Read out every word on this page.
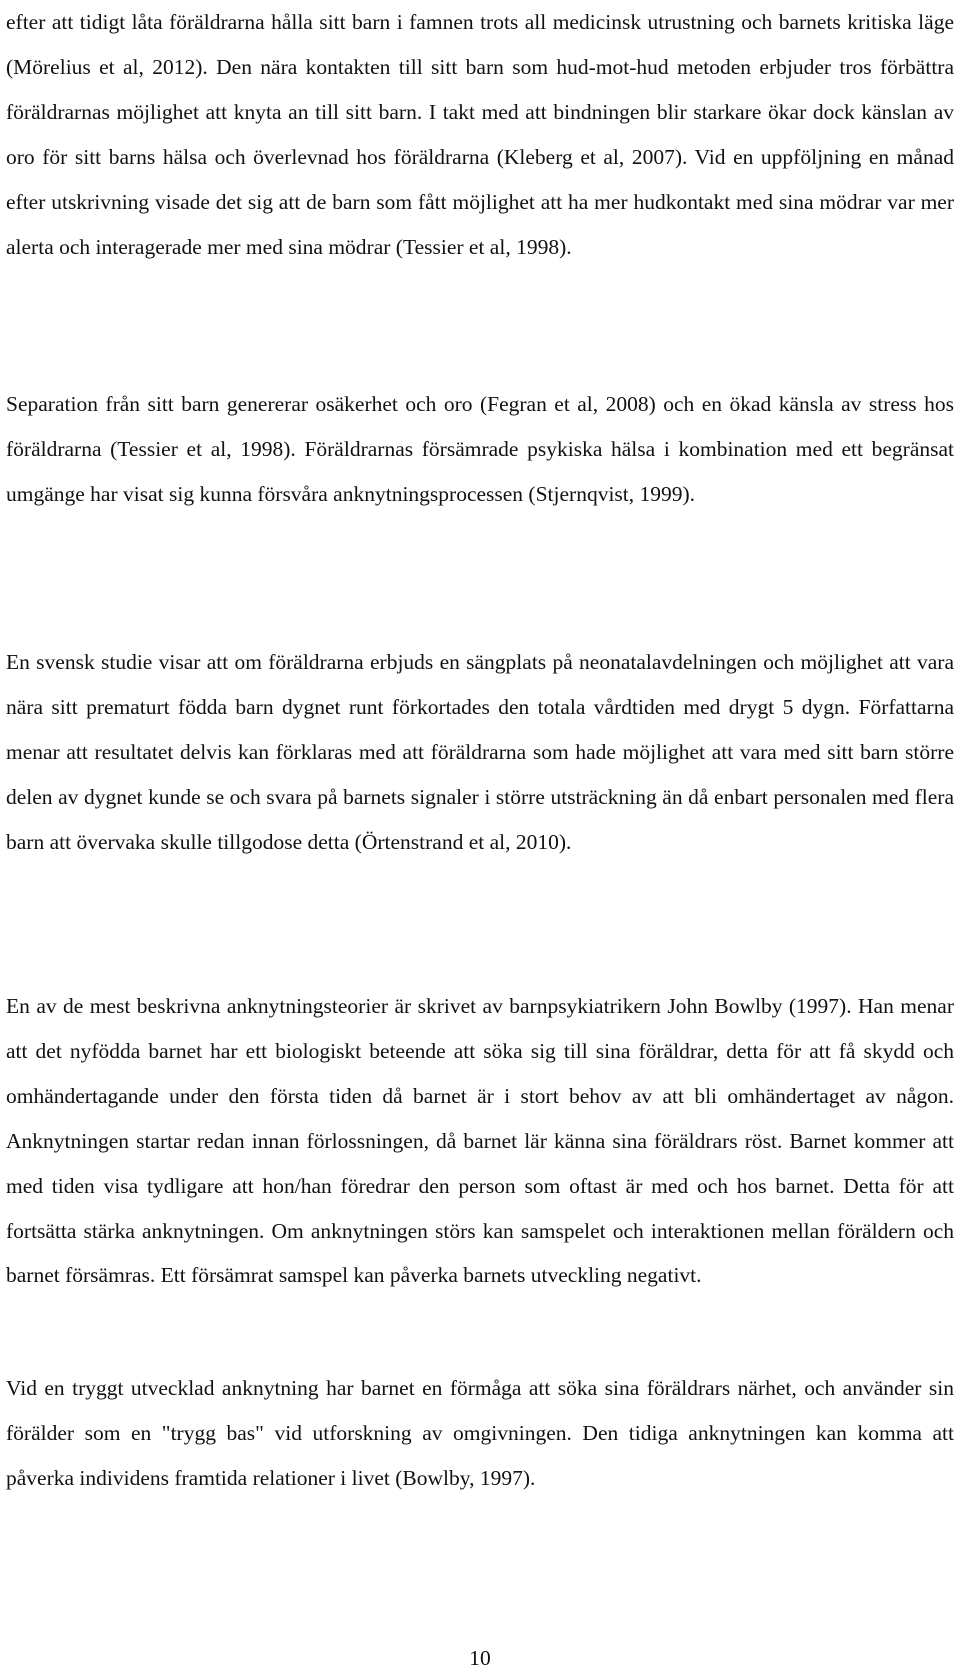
efter att tidigt låta föräldrarna hålla sitt barn i famnen trots all medicinsk utrustning och barnets kritiska läge (Mörelius et al, 2012). Den nära kontakten till sitt barn som hud-mot-hud metoden erbjuder tros förbättra föräldrarnas möjlighet att knyta an till sitt barn. I takt med att bindningen blir starkare ökar dock känslan av oro för sitt barns hälsa och överlevnad hos föräldrarna (Kleberg et al, 2007). Vid en uppföljning en månad efter utskrivning visade det sig att de barn som fått möjlighet att ha mer hudkontakt med sina mödrar var mer alerta och interagerade mer med sina mödrar (Tessier et al, 1998).

Separation från sitt barn genererar osäkerhet och oro (Fegran et al, 2008) och en ökad känsla av stress hos föräldrarna (Tessier et al, 1998). Föräldrarnas försämrade psykiska hälsa i kombination med ett begränsat umgänge har visat sig kunna försvåra anknytningsprocessen (Stjernqvist, 1999).

En svensk studie visar att om föräldrarna erbjuds en sängplats på neonatalavdelningen och möjlighet att vara nära sitt prematurt födda barn dygnet runt förkortades den totala vårdtiden med drygt 5 dygn. Författarna menar att resultatet delvis kan förklaras med att föräldrarna som hade möjlighet att vara med sitt barn större delen av dygnet kunde se och svara på barnets signaler i större utsträckning än då enbart personalen med flera barn att övervaka skulle tillgodose detta (Örtenstrand et al, 2010).

En av de mest beskrivna anknytningsteorier är skrivet av barnpsykiatrikern John Bowlby (1997). Han menar att det nyfödda barnet har ett biologiskt beteende att söka sig till sina föräldrar, detta för att få skydd och omhändertagande under den första tiden då barnet är i stort behov av att bli omhändertaget av någon. Anknytningen startar redan innan förlossningen, då barnet lär känna sina föräldrars röst. Barnet kommer att med tiden visa tydligare att hon/han föredrar den person som oftast är med och hos barnet. Detta för att fortsätta stärka anknytningen. Om anknytningen störs kan samspelet och interaktionen mellan föräldern och barnet försämras. Ett försämrat samspel kan påverka barnets utveckling negativt.

Vid en tryggt utvecklad anknytning har barnet en förmåga att söka sina föräldrars närhet, och använder sin förälder som en "trygg bas" vid utforskning av omgivningen. Den tidiga anknytningen kan komma att påverka individens framtida relationer i livet (Bowlby, 1997).

10
